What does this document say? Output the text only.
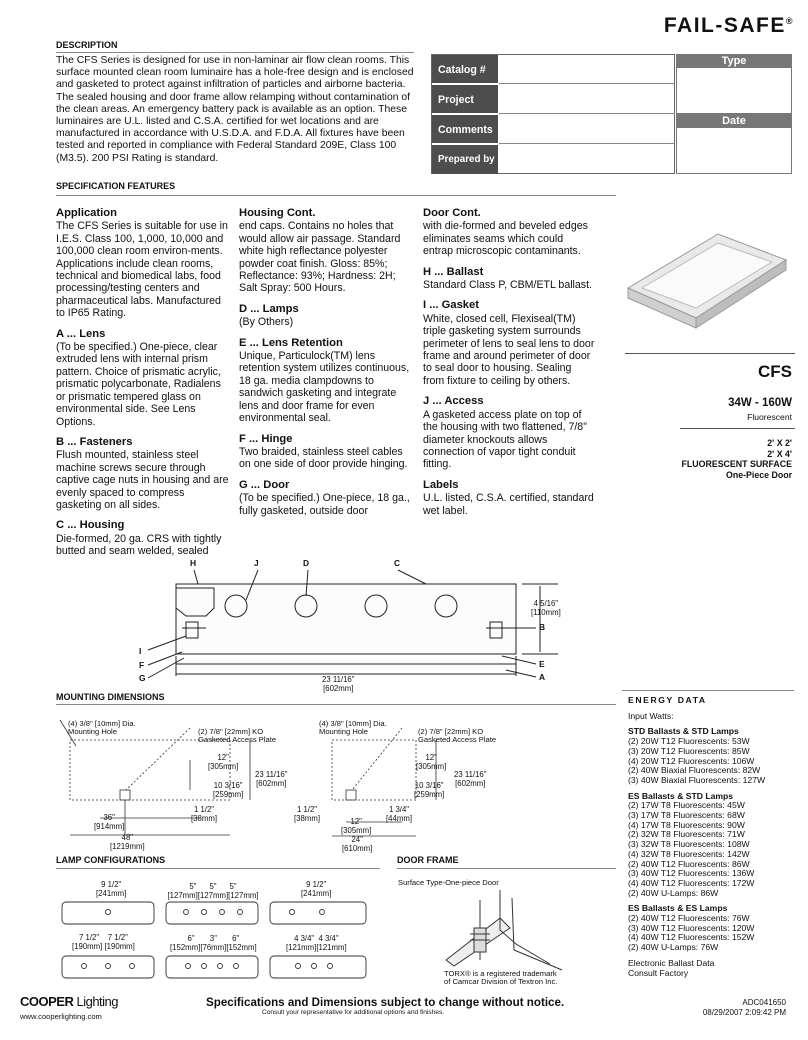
FAIL-SAFE®
DESCRIPTION
The CFS Series is designed for use in non-laminar air flow clean rooms. This surface mounted clean room luminaire has a hole-free design and is enclosed and gasketed to protect against infiltration of particles and airborne bacteria. The sealed housing and door frame allow relamping without contamination of the clean areas. An emergency battery pack is available as an option. These luminaires are U.L. listed and C.S.A. certified for wet locations and are manufactured in accordance with U.S.D.A. and F.D.A. All fixtures have been tested and reported in compliance with Federal Standard 209E, Class 100 (M3.5). 200 PSI Rating is standard.
Catalog #
Project
Comments
Prepared by
Type
Date
SPECIFICATION FEATURES
Application

The CFS Series is suitable for use in I.E.S. Class 100, 1,000, 10,000 and 100,000 clean room environ-ments. Applications include clean rooms, technical and biomedical labs, food processing/testing centers and pharmaceutical labs. Manufactured to IP65 Rating.

A ... Lens

(To be specified.) One-piece, clear extruded lens with internal prism pattern. Choice of prismatic acrylic, prismatic polycarbonate, Radialens or prismatic tempered glass on environmental side. See Lens Options.

B ... Fasteners

Flush mounted, stainless steel machine screws secure through captive cage nuts in housing and are evenly spaced to compress gasketing on all sides.

C ... Housing

Die-formed, 20 ga. CRS with tightly butted and seam welded, sealed

Housing Cont.

end caps. Contains no holes that would allow air passage. Standard white high reflectance polyester powder coat finish. Gloss: 85%; Reflectance: 93%; Hardness: 2H; Salt Spray: 500 Hours.

D ... Lamps

(By Others)

E ... Lens Retention

Unique, Particulock(TM) lens retention system utilizes continuous, 18 ga. media clampdowns to sandwich gasketing and integrate lens and door frame for even environmental seal.

F ... Hinge

Two braided, stainless steel cables on one side of door provide hinging.

G ... Door

(To be specified.) One-piece, 18 ga., fully gasketed, outside door

Door Cont.

with die-formed and beveled edges eliminates seams which could entrap microscopic contaminants.

H ... Ballast

Standard Class P, CBM/ETL ballast.

I ... Gasket

White, closed cell, Flexiseal(TM) triple gasketing system surrounds perimeter of lens to seal lens to door frame and around perimeter of door to seal door to housing. Sealing from fixture to ceiling by others.

J ... Access

A gasketed access plate on top of the housing with two flattened, 7/8" diameter knockouts allows connection of vapor tight conduit fitting.

Labels

U.L. listed, C.S.A. certified, standard wet label.

CFS
34W - 160W
Fluorescent
2' X 2'
2' X 4'
FLUORESCENT SURFACE
One-Piece Door
H	J	D	C
I
F
G
B
E
A
4 5/16"
[110mm]
23 11/16"
[602mm]
MOUNTING DIMENSIONS
(4) 3/8" [10mm] Dia.
Mounting Hole	(2) 7/8" [22mm] KO
Gasketed Access Plate
12"
[305mm]
23 11/16"
[602mm]
10 3/16"
[259mm]
1 1/2"
[38mm]
36"
[914mm]
48"
[1219mm]
(4) 3/8" [10mm] Dia.
Mounting Hole	(2) 7/8" [22mm] KO
Gasketed Access Plate
12"
[305mm]
23 11/16"
[602mm]
10 3/16"
[259mm]
1 1/2"
[38mm]
1 3/4"
[44mm]
12"
[305mm]
24"
[610mm]
ENERGY DATA
Input Watts:
STD Ballasts & STD Lamps
(2) 20W T12 Fluorescents: 53W
(3) 20W T12 Fluorescents: 85W
(4) 20W T12 Fluorescents: 106W
(2) 40W Biaxial Fluorescents: 82W
(3) 40W Biaxial Fluorescents: 127W
ES Ballasts & STD Lamps
(2) 17W T8 Fluorescents: 45W
(3) 17W T8 Fluorescents: 68W
(4) 17W T8 Fluorescents: 90W
(2) 32W T8 Fluorescents: 71W
(3) 32W T8 Fluorescents: 108W
(4) 32W T8 Fluorescents: 142W
(2) 40W T12 Fluorescents: 86W
(3) 40W T12 Fluorescents: 136W
(4) 40W T12 Fluorescents: 172W
(2) 40W U-Lamps: 86W
ES Ballasts & ES Lamps
(2) 40W T12 Fluorescents: 76W
(3) 40W T12 Fluorescents: 120W
(4) 40W T12 Fluorescents: 152W
(2) 40W U-Lamps: 76W
Electronic Ballast Data
Consult Factory
LAMP CONFIGURATIONS
9 1/2"
[241mm]
5" 5" 5"
[127mm][127mm][127mm]
9 1/2"
[241mm]
7 1/2" 7 1/2"
[190mm] [190mm]
6" 3" 6"
[152mm][76mm][152mm]
4 3/4" 4 3/4"
[121mm][121mm]
DOOR FRAME
Surface Type-One-piece Door
TORX® is a registered trademark
of Camcar Division of Textron Inc.
COOPER Lighting
www.cooperlighting.com
Specifications and Dimensions subject to change without notice.
Consult your representative for additional options and finishes.
ADC041650
08/29/2007 2:09:42 PM
